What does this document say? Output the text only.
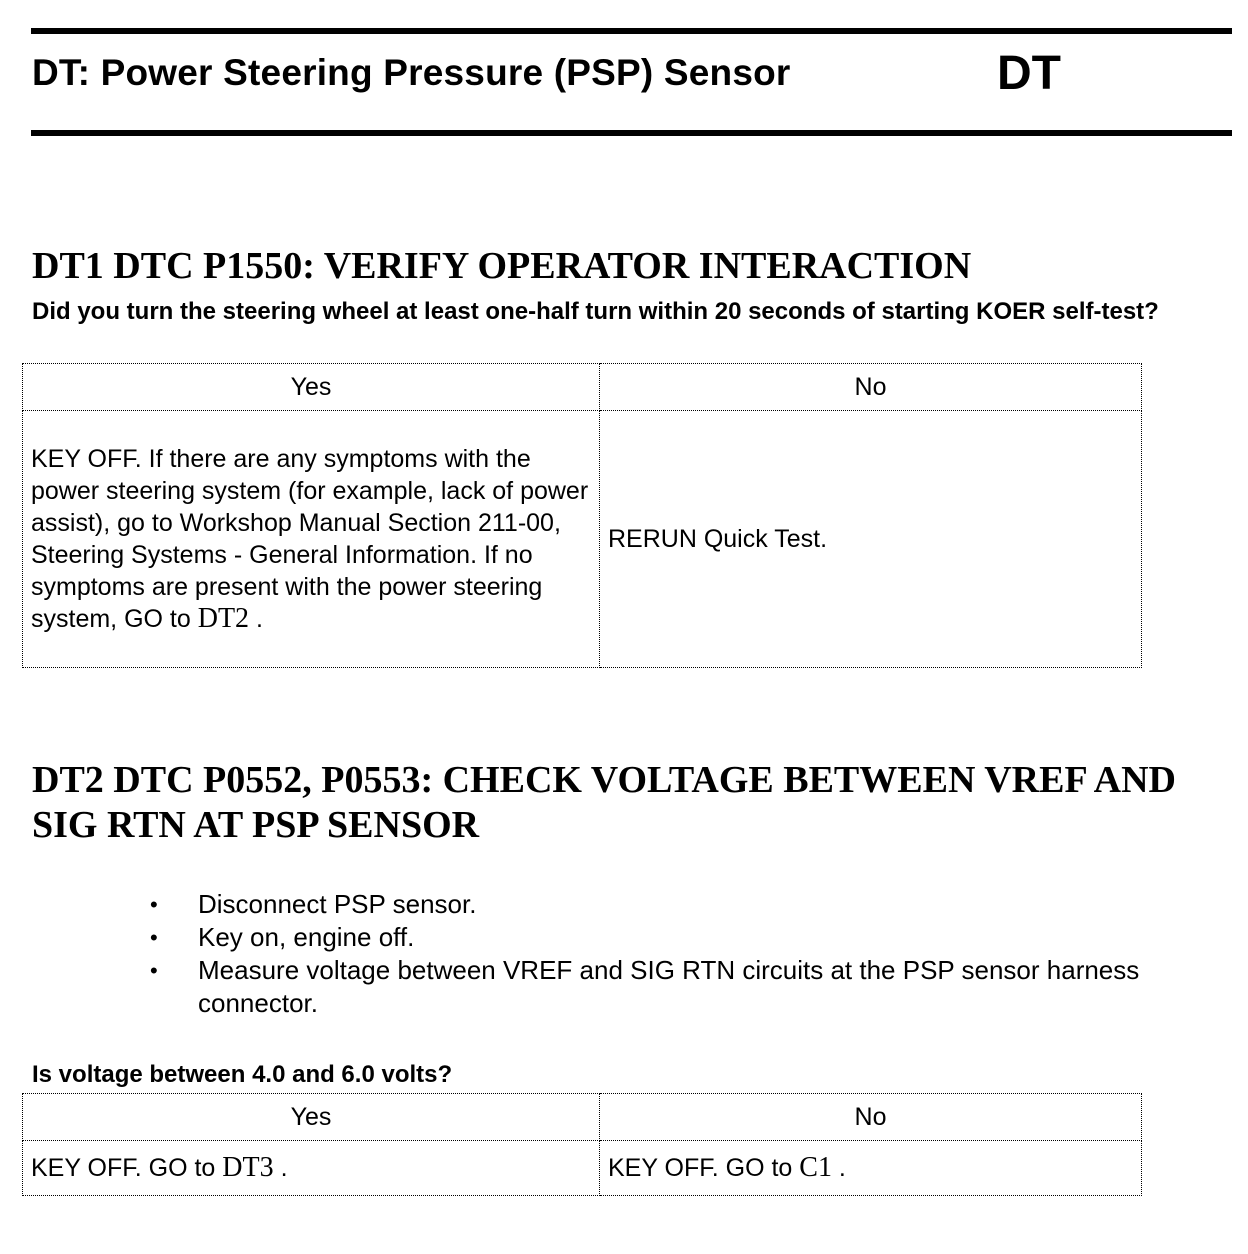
DT: Power Steering Pressure (PSP) Sensor	DT
DT1 DTC P1550: VERIFY OPERATOR INTERACTION

Did you turn the steering wheel at least one-half turn within 20 seconds of starting KOER self-test?

Yes	No
KEY OFF. If there are any symptoms with the power steering system (for example, lack of power assist), go to Workshop Manual Section 211-00, Steering Systems - General Information. If no symptoms are present with the power steering system, GO to DT2 .	RERUN Quick Test.
DT2 DTC P0552, P0553: CHECK VOLTAGE BETWEEN VREF AND SIG RTN AT PSP SENSOR
• Disconnect PSP sensor.
• Key on, engine off.
• Measure voltage between VREF and SIG RTN circuits at the PSP sensor harness connector.

Is voltage between 4.0 and 6.0 volts?

Yes	No
KEY OFF. GO to DT3 .	KEY OFF. GO to C1 .
